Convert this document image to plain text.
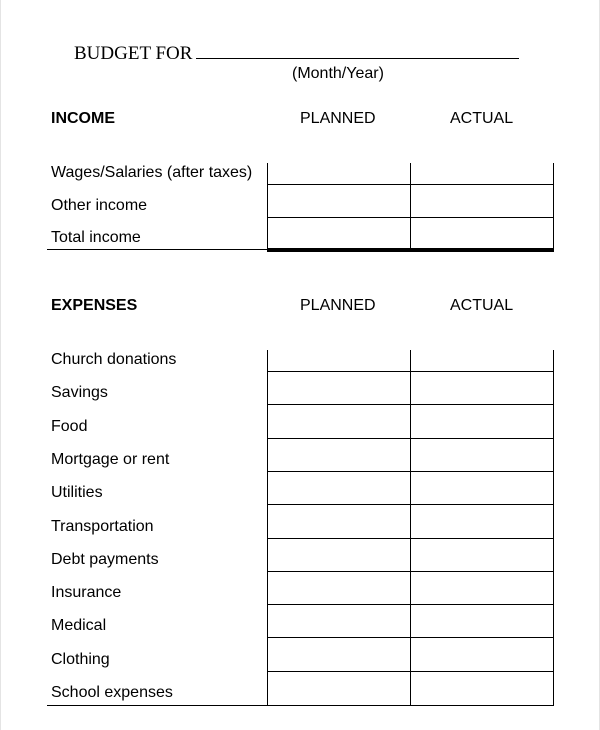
BUDGET FOR
(Month/Year)
INCOME	PLANNED	ACTUAL
Wages/Salaries (after taxes)
Other income
Total income
EXPENSES	PLANNED	ACTUAL
Church donations
Savings
Food
Mortgage or rent
Utilities
Transportation
Debt payments
Insurance
Medical
Clothing
School expenses
